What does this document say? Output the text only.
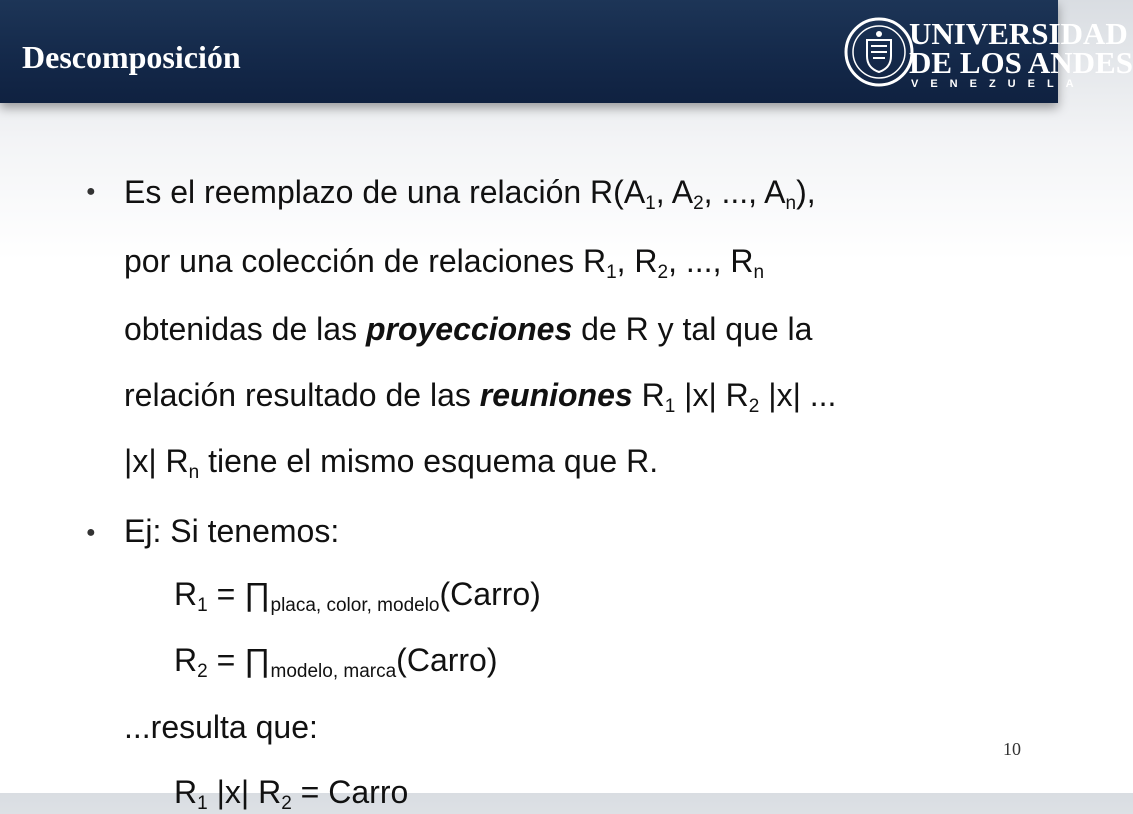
Descomposición
UNIVERSIDAD
DE LOS ANDES
VENEZUELA
● Es el reemplazo de una relación $R(A_1$, $A_2$, ..., $A_n$),
por una colección de relaciones $R_1$, $R_2$, ..., $R_n$
obtenidas de las proyecciones de R y tal que la
relación resultado de las reuniones $R_1$ |x| $R_2$ |x| ...
|x| $R_n$ tiene el mismo esquema que R.
● Ej: Si tenemos:
$R_1$ = $\prod_{placa, color, modelo}(Carro)$
$R_2$ = $\prod_{modelo, marca}(Carro)$
...resulta que:
$R_1$ |x| $R_2$ = Carro
10
